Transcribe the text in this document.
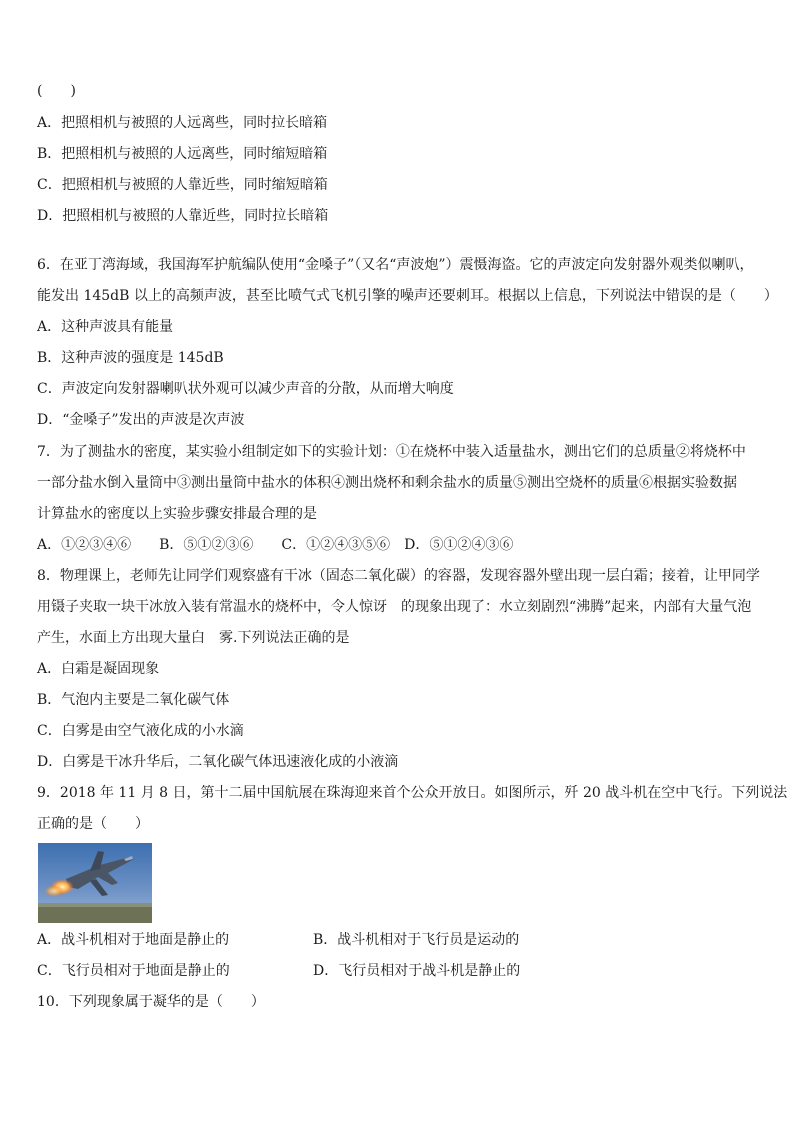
(　　)
A．把照相机与被照的人远离些，同时拉长暗箱
B．把照相机与被照的人远离些，同时缩短暗箱
C．把照相机与被照的人靠近些，同时缩短暗箱
D．把照相机与被照的人靠近些，同时拉长暗箱
6．在亚丁湾海域，我国海军护航编队使用“金嗓子”（又名“声波炮”）震慑海盗。它的声波定向发射器外观类似喇叭，
能发出 145dB 以上的高频声波，甚至比喷气式飞机引擎的噪声还要刺耳。根据以上信息，下列说法中错误的是（　　）
A．这种声波具有能量
B．这种声波的强度是 145dB
C．声波定向发射器喇叭状外观可以减少声音的分散，从而增大响度
D．“金嗓子”发出的声波是次声波
7．为了测盐水的密度，某实验小组制定如下的实验计划：①在烧杯中装入适量盐水，测出它们的总质量②将烧杯中
一部分盐水倒入量筒中③测出量筒中盐水的体积④测出烧杯和剩余盐水的质量⑤测出空烧杯的质量⑥根据实验数据
计算盐水的密度以上实验步骤安排最合理的是
A．①②③④⑥　　B．⑤①②③⑥　　C．①②④③⑤⑥　D．⑤①②④③⑥
8．物理课上，老师先让同学们观察盛有干冰（固态二氧化碳）的容器，发现容器外壁出现一层白霜；接着，让甲同学
用镊子夹取一块干冰放入装有常温水的烧杯中，令人惊讶　的现象出现了：水立刻剧烈“沸腾”起来，内部有大量气泡
产生，水面上方出现大量白　雾.下列说法正确的是
A．白霜是凝固现象
B．气泡内主要是二氧化碳气体
C．白雾是由空气液化成的小水滴
D．白雾是干冰升华后，二氧化碳气体迅速液化成的小液滴
9．2018 年 11 月 8 日，第十二届中国航展在珠海迎来首个公众开放日。如图所示，歼 20 战斗机在空中飞行。下列说法
正确的是（　　）
A．战斗机相对于地面是静止的	B．战斗机相对于飞行员是运动的
C．飞行员相对于地面是静止的	D．飞行员相对于战斗机是静止的
10．下列现象属于凝华的是（　　）
